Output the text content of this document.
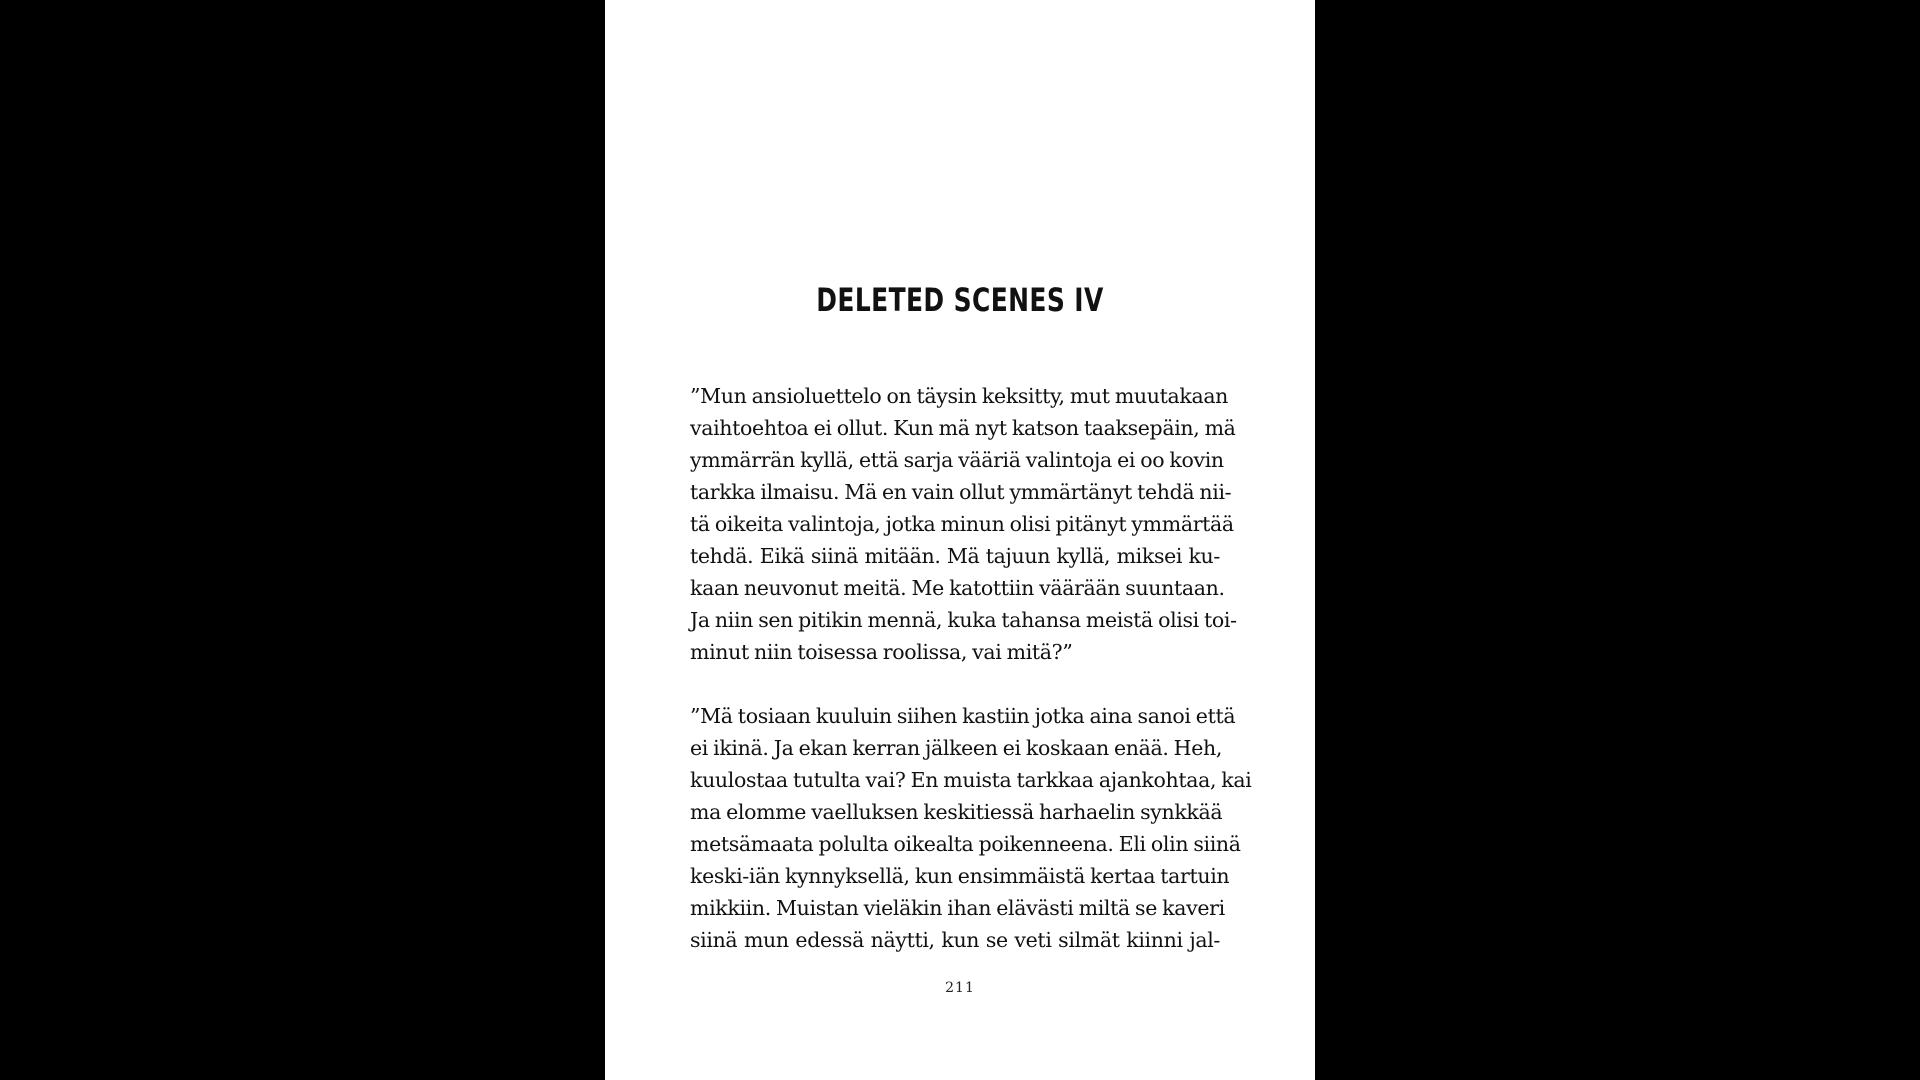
DELETED SCENES IV
”Mun ansioluettelo on täysin keksitty, mut muutakaan
vaihtoehtoa ei ollut. Kun mä nyt katson taaksepäin, mä
ymmärrän kyllä, että sarja vääriä valintoja ei oo kovin
tarkka ilmaisu. Mä en vain ollut ymmärtänyt tehdä nii-
tä oikeita valintoja, jotka minun olisi pitänyt ymmärtää
tehdä. Eikä siinä mitään. Mä tajuun kyllä, miksei ku-
kaan neuvonut meitä. Me katottiin väärään suuntaan.
Ja niin sen pitikin mennä, kuka tahansa meistä olisi toi-
minut niin toisessa roolissa, vai mitä?”
”Mä tosiaan kuuluin siihen kastiin jotka aina sanoi että
ei ikinä. Ja ekan kerran jälkeen ei koskaan enää. Heh,
kuulostaa tutulta vai? En muista tarkkaa ajankohtaa, kai
ma elomme vaelluksen keskitiessä harhaelin synkkää
metsämaata polulta oikealta poikenneena. Eli olin siinä
keski-iän kynnyksellä, kun ensimmäistä kertaa tartuin
mikkiin. Muistan vieläkin ihan elävästi miltä se kaveri
siinä mun edessä näytti, kun se veti silmät kiinni jal-
211
